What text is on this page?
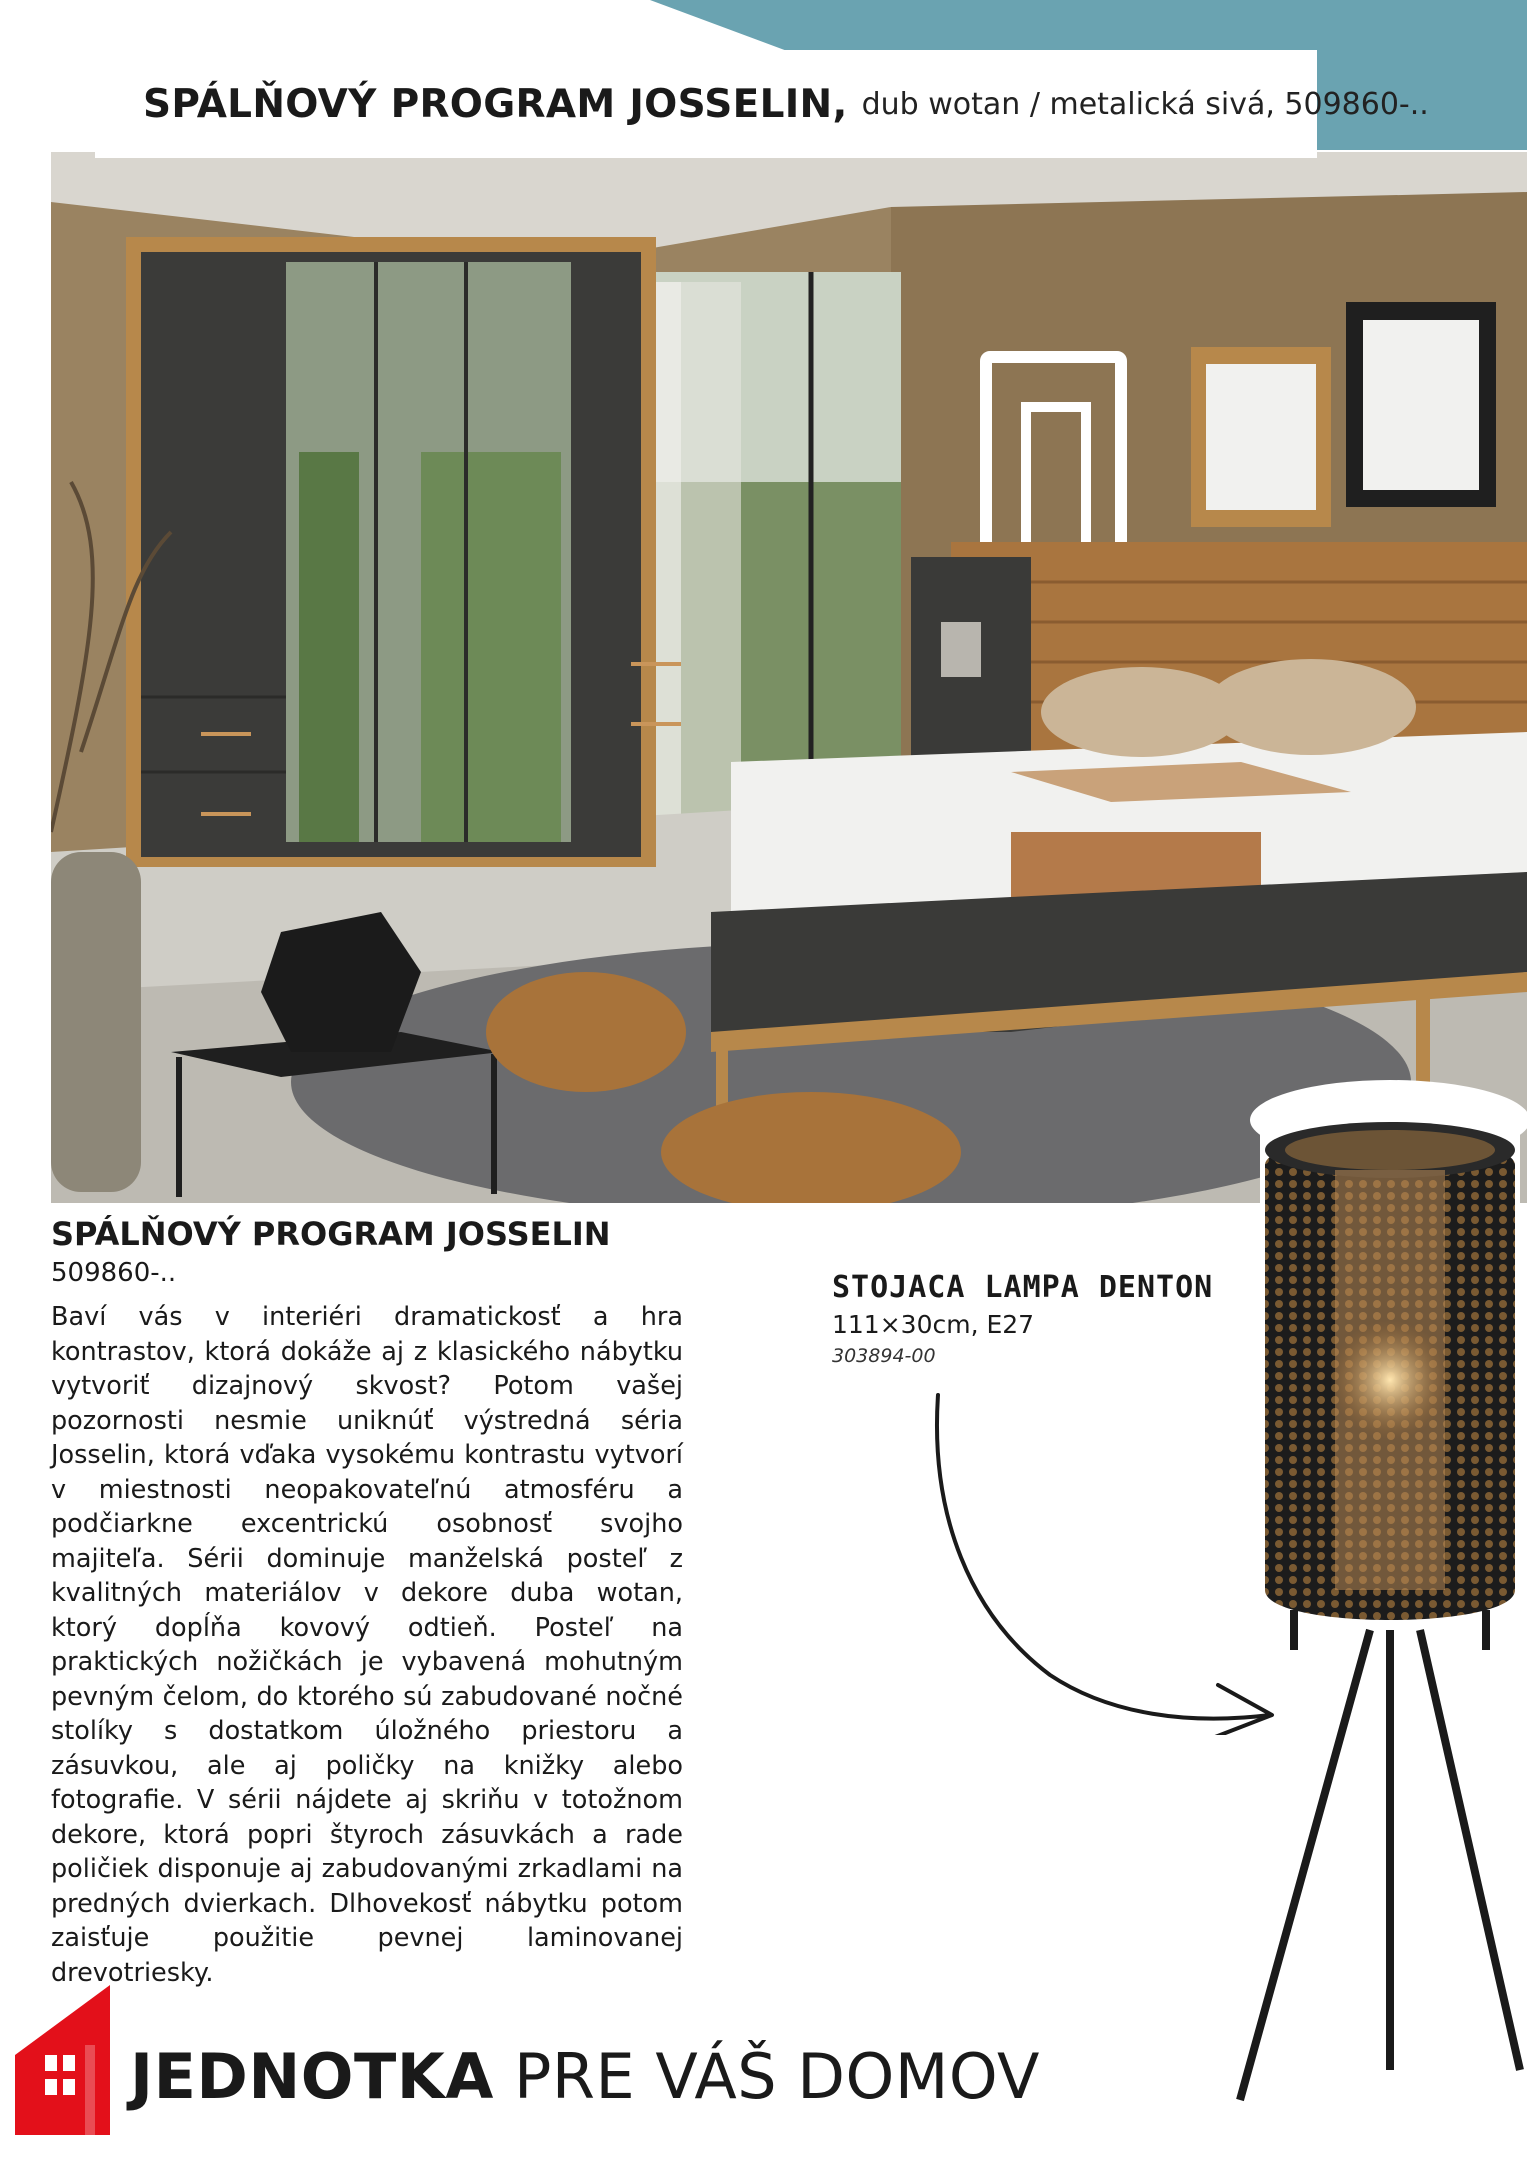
SPÁLŇOVÝ PROGRAM JOSSELIN, dub wotan / metalická sivá, 509860-..
SPÁLŇOVÝ PROGRAM JOSSELIN
509860-..
Baví vás v interiéri dramatickosť a hra kontrastov, ktorá dokáže aj z klasického nábytku vytvoriť dizajnový skvost? Potom vašej pozornosti nesmie uniknúť výstredná séria Josselin, ktorá vďaka vysokému kontrastu vytvorí v miestnosti neopakovateľnú atmosféru a podčiarkne excentrickú osobnosť svojho majiteľa. Sérii dominuje manželská posteľ z kvalitných materiálov v dekore duba wotan, ktorý dopĺňa kovový odtieň. Posteľ na praktických nožičkách je vybavená mohutným pevným čelom, do ktorého sú zabudované nočné stolíky s dostatkom úložného priestoru a zásuvkou, ale aj poličky na knižky alebo fotografie. V sérii nájdete aj skriňu v totožnom dekore, ktorá popri štyroch zásuvkách a rade poličiek disponuje aj zabudovanými zrkadlami na predných dvierkach. Dlhovekosť nábytku potom zaisťuje použitie pevnej laminovanej drevotriesky.
STOJACA LAMPA DENTON
111×30cm, E27
303894-00
JEDNOTKA PRE VÁŠ DOMOV
